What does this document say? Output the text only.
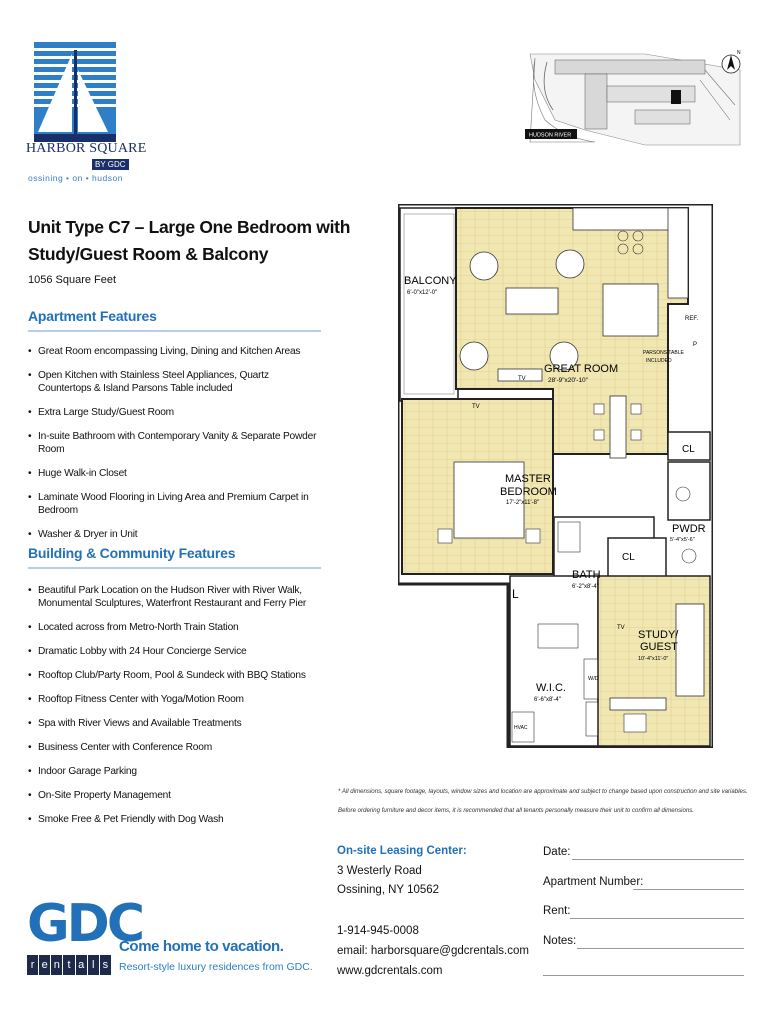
HARBOR SQUARE
BY GDC
ossining • on • hudson
HUDSON RIVER
N
Unit Type C7 – Large One Bedroom with Study/Guest Room & Balcony
1056 Square Feet
Apartment Features
• Great Room encompassing Living, Dining and Kitchen Areas
• Open Kitchen with Stainless Steel Appliances, Quartz Countertops & Island Parsons Table included
• Extra Large Study/Guest Room
• In-suite Bathroom with Contemporary Vanity & Separate Powder Room
• Huge Walk-in Closet
• Laminate Wood Flooring in Living Area and Premium Carpet in Bedroom
• Washer & Dryer in Unit
Building & Community Features
• Beautiful Park Location on the Hudson River with River Walk, Monumental Sculptures, Waterfront Restaurant and Ferry Pier
• Located across from Metro-North Train Station
• Dramatic Lobby with 24 Hour Concierge Service
• Rooftop Club/Party Room, Pool & Sundeck with BBQ Stations
• Rooftop Fitness Center with Yoga/Motion Room
• Spa with River Views and Available Treatments
• Business Center with Conference Room
• Indoor Garage Parking
• On-Site Property Management
• Smoke Free & Pet Friendly with Dog Wash
BALCONY
6'-0"x12'-0"
REF.
P
PARSONS TABLE
INCLUDED
GREAT ROOM
28'-9"x20'-10"
TV
TV
CL
MASTER
BEDROOM
17'-2"x11'-8"
PWDR
5'-4"x5'-6"
CL
BATH
6'-2"x8'-4"
L
TV
STUDY/
GUEST
10'-4"x11'-0"
W/D
W.I.C.
6'-6"x8'-4"
HVAC

* All dimensions, square footage, layouts, window sizes and location are approximate and subject to change based upon construction and site variables.

Before ordering furniture and decor items, it is recommended that all tenants personally measure their unit to confirm all dimensions.

On-site Leasing Center:
3 Westerly Road
Ossining, NY 10562
1-914-945-0008
email: harborsquare@gdcrentals.com
www.gdcrentals.com
Date:
Apartment Number:
Rent:
Notes:
GDC
r e n t a l s
Come home to vacation.
Resort-style luxury residences from GDC.
